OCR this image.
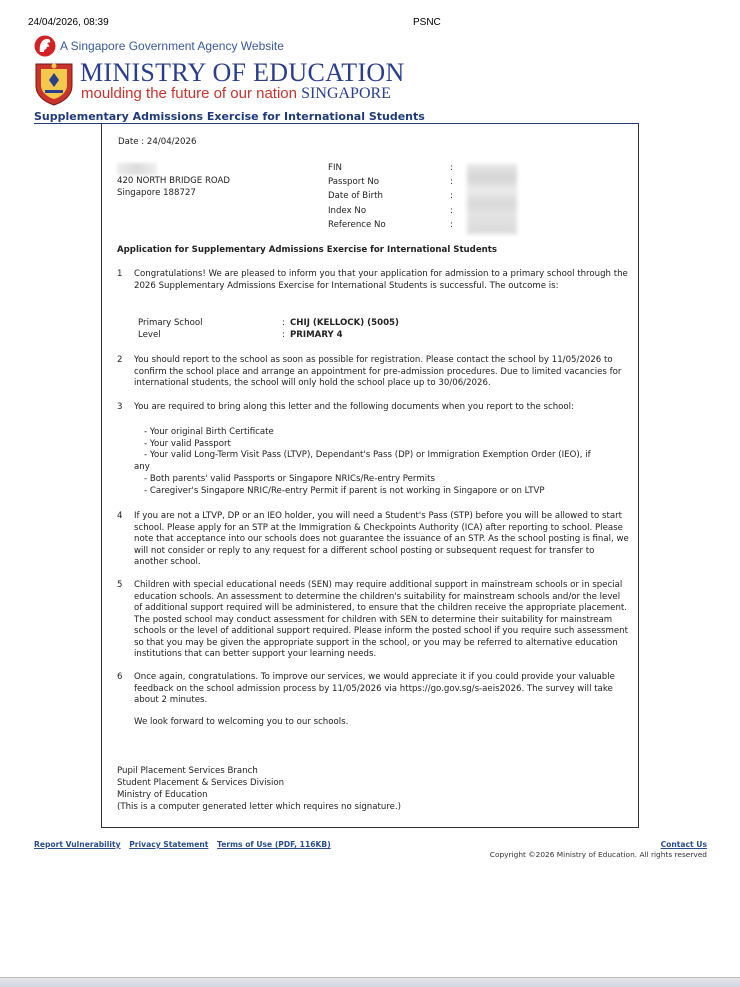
24/04/2026, 08:39	PSNC
A Singapore Government Agency Website
MINISTRY OF EDUCATION
moulding the future of our nation SINGAPORE
Supplementary Admissions Exercise for International Students
Date : 24/04/2026
420 NORTH BRIDGE ROAD
Singapore 188727
FIN	:
Passport No	:
Date of Birth	:
Index No	:
Reference No	:
Application for Supplementary Admissions Exercise for International Students
1	Congratulations! We are pleased to inform you that your application for admission to a primary school through the 2026 Supplementary Admissions Exercise for International Students is successful. The outcome is:
Primary School	: CHIJ (KELLOCK) (5005)
Level	: PRIMARY 4
2	You should report to the school as soon as possible for registration. Please contact the school by 11/05/2026 to confirm the school place and arrange an appointment for pre-admission procedures. Due to limited vacancies for international students, the school will only hold the school place up to 30/06/2026.
3	You are required to bring along this letter and the following documents when you report to the school:
- Your original Birth Certificate
- Your valid Passport
- Your valid Long-Term Visit Pass (LTVP), Dependant's Pass (DP) or Immigration Exemption Order (IEO), if
any
- Both parents' valid Passports or Singapore NRICs/Re-entry Permits
- Caregiver's Singapore NRIC/Re-entry Permit if parent is not working in Singapore or on LTVP
4	If you are not a LTVP, DP or an IEO holder, you will need a Student's Pass (STP) before you will be allowed to start school. Please apply for an STP at the Immigration & Checkpoints Authority (ICA) after reporting to school. Please note that acceptance into our schools does not guarantee the issuance of an STP. As the school posting is final, we will not consider or reply to any request for a different school posting or subsequent request for transfer to another school.
5	Children with special educational needs (SEN) may require additional support in mainstream schools or in special education schools. An assessment to determine the children's suitability for mainstream schools and/or the level of additional support required will be administered, to ensure that the children receive the appropriate placement. The posted school may conduct assessment for children with SEN to determine their suitability for mainstream schools or the level of additional support required. Please inform the posted school if you require such assessment so that you may be given the appropriate support in the school, or you may be referred to alternative education institutions that can better support your learning needs.
6	Once again, congratulations. To improve our services, we would appreciate it if you could provide your valuable feedback on the school admission process by 11/05/2026 via https://go.gov.sg/s-aeis2026. The survey will take about 2 minutes.
We look forward to welcoming you to our schools.
Pupil Placement Services Branch
Student Placement & Services Division
Ministry of Education
(This is a computer generated letter which requires no signature.)
Report Vulnerability Privacy Statement Terms of Use (PDF, 116KB)	Contact Us
Copyright ©2026 Ministry of Education. All rights reserved
